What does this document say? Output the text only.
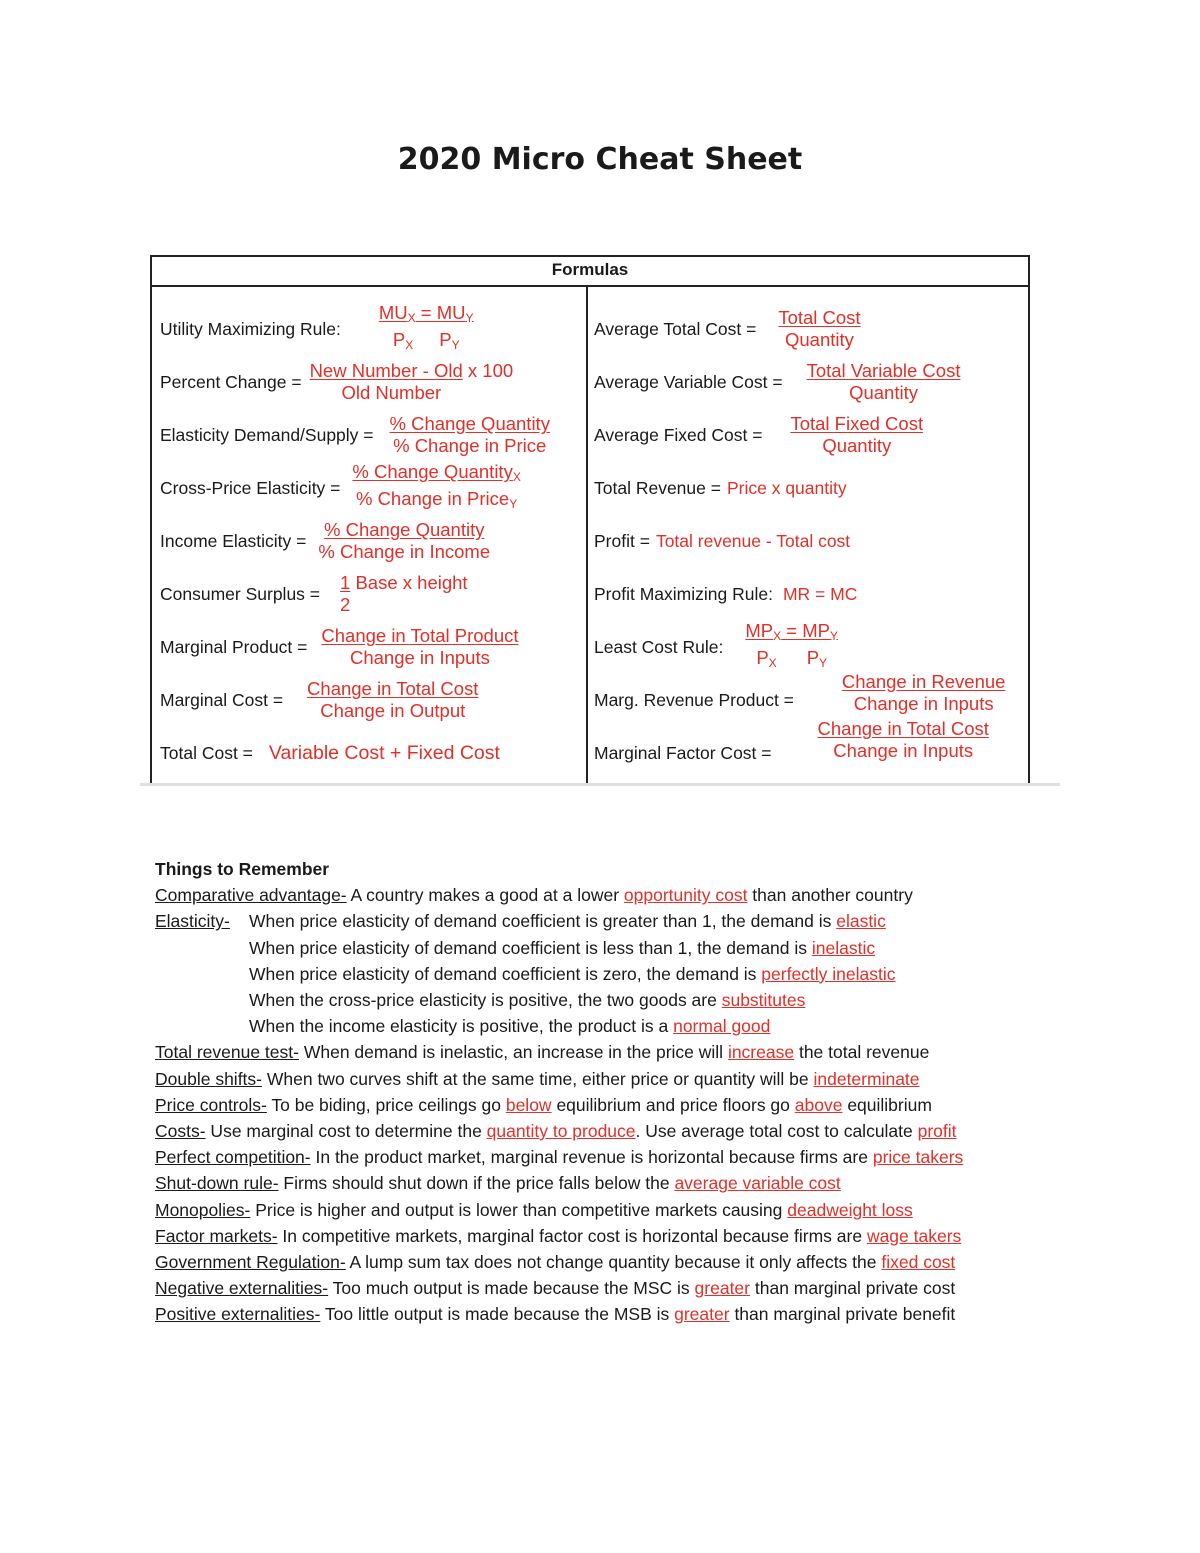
2020 Micro Cheat Sheet
Formulas
Utility Maximizing Rule: $\frac{MU_X = MU_Y}{P_X P_Y}$
Percent Change =
New Number - Old x 100
Old Number
Elasticity Demand/Supply = $\frac{\text{\% Change Quantity}}{\text{\% Change in Price}}$
Cross-Price Elasticity = $\frac{\% Change Quantity_X}{\% Change in Price_Y}$
Income Elasticity = $\frac{\text{\% Change Quantity}}{\text{\% Change in Income}}$
Consumer Surplus =
1 Base x height
2
Marginal Product = $\frac{\text{Change in Total Product}}{\text{Change in Inputs}}$
Marginal Cost = $\frac{\text{Change in Total Cost}}{\text{Change in Output}}$
Total Cost = Variable Cost + Fixed Cost
Average Total Cost = $\frac{\text{Total Cost}}{\text{Quantity}}$
Average Variable Cost = $\frac{\text{Total Variable Cost}}{\text{Quantity}}$
Average Fixed Cost = $\frac{\text{Total Fixed Cost}}{\text{Quantity}}$
Total Revenue = Price x quantity
Profit = Total revenue - Total cost
Profit Maximizing Rule: MR = MC
Least Cost Rule: $\frac{MP_X = MP_Y}{P_X P_Y}$
Marg. Revenue Product =	$\frac{\text{Change in Revenue}}{\text{Change in Inputs}}$
Marginal Factor Cost = $\frac{\text{Change in Total Cost}}{\text{Change in Inputs}}$
Things to Remember
Comparative advantage- A country makes a good at a lower opportunity cost than another country
Elasticity- When price elasticity of demand coefficient is greater than 1, the demand is elastic
When price elasticity of demand coefficient is less than 1, the demand is inelastic
When price elasticity of demand coefficient is zero, the demand is perfectly inelastic
When the cross-price elasticity is positive, the two goods are substitutes
When the income elasticity is positive, the product is a normal good
Total revenue test- When demand is inelastic, an increase in the price will increase the total revenue
Double shifts- When two curves shift at the same time, either price or quantity will be indeterminate
Price controls- To be biding, price ceilings go below equilibrium and price floors go above equilibrium
Costs- Use marginal cost to determine the quantity to produce. Use average total cost to calculate profit
Perfect competition- In the product market, marginal revenue is horizontal because firms are price takers
Shut-down rule- Firms should shut down if the price falls below the average variable cost
Monopolies- Price is higher and output is lower than competitive markets causing deadweight loss
Factor markets- In competitive markets, marginal factor cost is horizontal because firms are wage takers
Government Regulation- A lump sum tax does not change quantity because it only affects the fixed cost
Negative externalities- Too much output is made because the MSC is greater than marginal private cost
Positive externalities- Too little output is made because the MSB is greater than marginal private benefit
